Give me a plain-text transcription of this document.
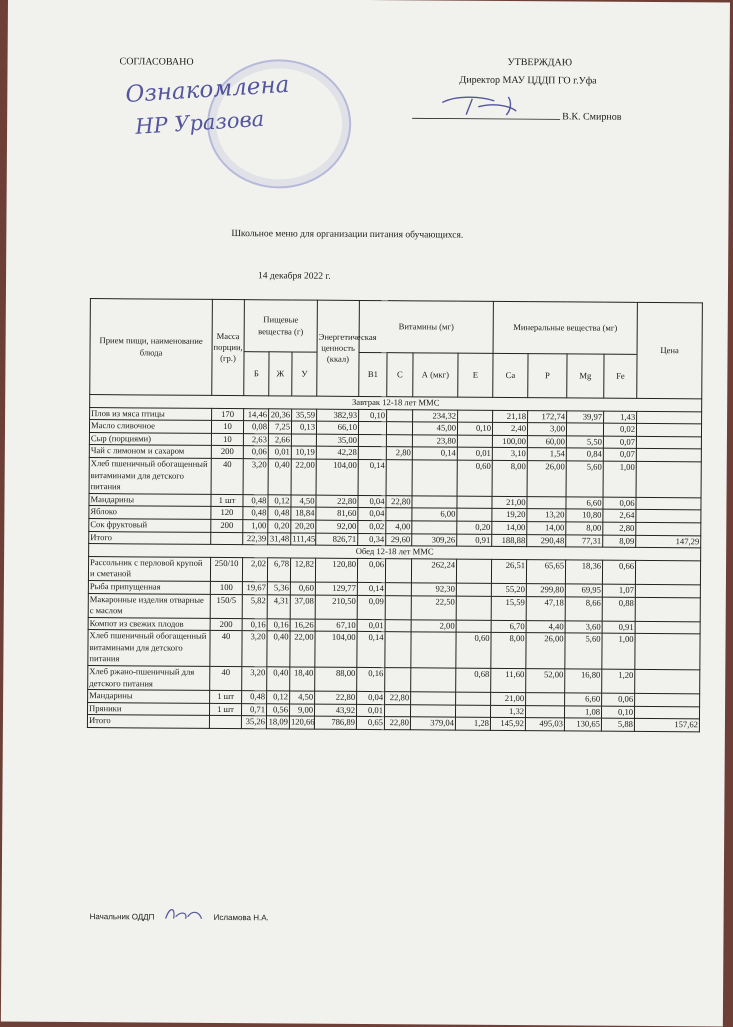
СОГЛАСОВАНО
Ознакомлена
НР Уразова
УТВЕРЖДАЮ
Директор МАУ ЦДДП ГО г.Уфа
В.К. Смирнов
Школьное меню для организации питания обучающихся.
14 декабря 2022 г.
Прием пищи, наименование блюда	Масса порции, (гр.)	Пищевые вещества (г)			Энергетическая ценность (ккал)	Витамины (мг)				Минеральные вещества (мг)				Цена
		Б	Ж	У		B1	С	А (мкг)	Е	Ca	P	Mg	Fe	
Завтрак 12-18 лет ММС														
Плов из мяса птицы	170	14,46	20,36	35,59	382,93	0,10		234,32		21,18	172,74	39,97	1,43	
Масло сливочное	10	0,08	7,25	0,13	66,10			45,00	0,10	2,40	3,00		0,02	
Сыр (порциями)	10	2,63	2,66		35,00			23,80		100,00	60,00	5,50	0,07	
Чай с лимоном и сахаром	200	0,06	0,01	10,19	42,28		2,80	0,14	0,01	3,10	1,54	0,84	0,07	
Хлеб пшеничный обогащенный витаминами для детского питания	40	3,20	0,40	22,00	104,00	0,14			0,60	8,00	26,00	5,60	1,00	
Мандарины	1 шт	0,48	0,12	4,50	22,80	0,04	22,80			21,00		6,60	0,06	
Яблоко	120	0,48	0,48	18,84	81,60	0,04		6,00		19,20	13,20	10,80	2,64	
Сок фруктовый	200	1,00	0,20	20,20	92,00	0,02	4,00		0,20	14,00	14,00	8,00	2,80	
Итого		22,39	31,48	111,45	826,71	0,34	29,60	309,26	0,91	188,88	290,48	77,31	8,09	147,29
Обед 12-18 лет ММС														
Рассольник с перловой крупой и сметаной	250/10	2,02	6,78	12,82	120,80	0,06		262,24		26,51	65,65	18,36	0,66	
Рыба припущенная	100	19,67	5,36	0,60	129,77	0,14		92,30		55,20	299,80	69,95	1,07	
Макаронные изделия отварные с маслом	150/5	5,82	4,31	37,08	210,50	0,09		22,50		15,59	47,18	8,66	0,88	
Компот из свежих плодов	200	0,16	0,16	16,26	67,10	0,01		2,00		6,70	4,40	3,60	0,91	
Хлеб пшеничный обогащенный витаминами для детского питания	40	3,20	0,40	22,00	104,00	0,14			0,60	8,00	26,00	5,60	1,00	
Хлеб ржано-пшеничный для детского питания	40	3,20	0,40	18,40	88,00	0,16			0,68	11,60	52,00	16,80	1,20	
Мандарины	1 шт	0,48	0,12	4,50	22,80	0,04	22,80			21,00		6,60	0,06	
Пряники	1 шт	0,71	0,56	9,00	43,92	0,01				1,32		1,08	0,10	
Итого		35,26	18,09	120,66	786,89	0,65	22,80	379,04	1,28	145,92	495,03	130,65	5,88	157,62
Начальник ОДДП	Исламова Н.А.
